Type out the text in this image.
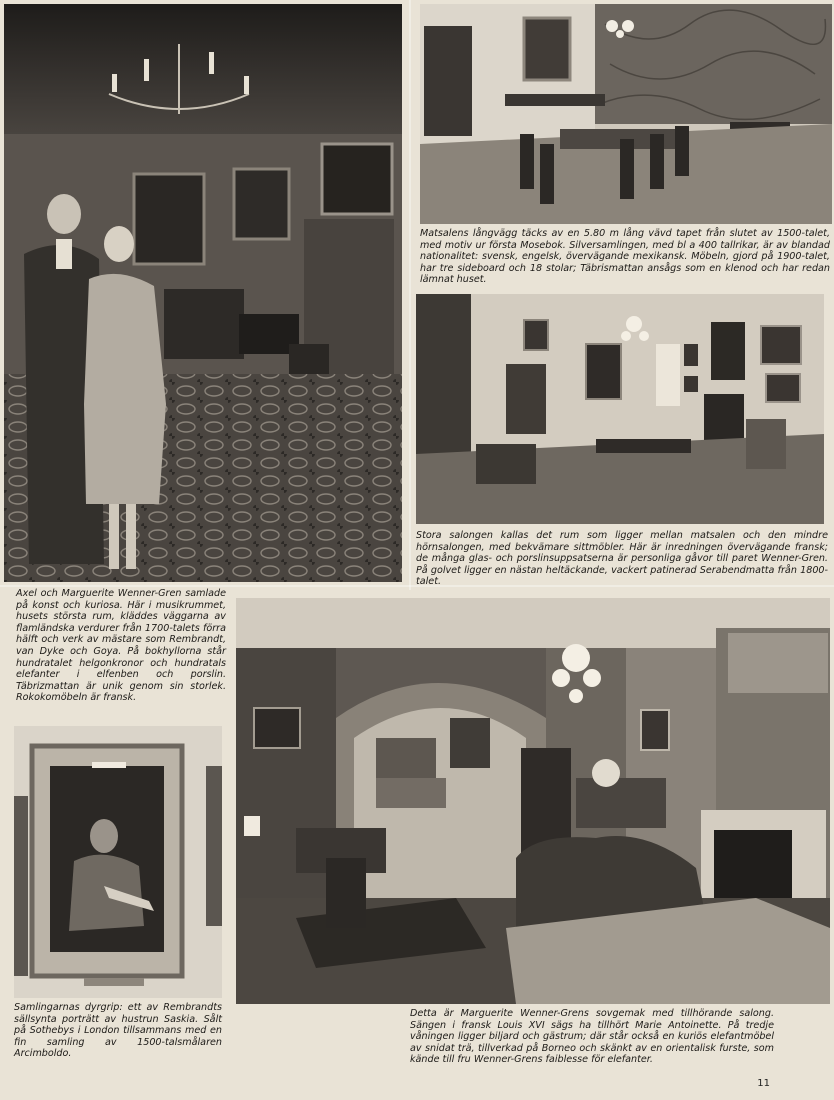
Matsalens långvägg täcks av en 5.80 m lång vävd tapet från slutet av 1500-talet, med motiv ur första Mosebok. Silversamlingen, med bl a 400 tallrikar, är av blandad nationalitet: svensk, engelsk, övervägande mexikansk. Möbeln, gjord på 1900-talet, har tre sideboard och 18 stolar; Täbrismattan ansågs som en klenod och har redan lämnat huset.
Stora salongen kallas det rum som ligger mellan matsalen och den mindre hörnsalongen, med bekvämare sittmöbler. Här är inredningen övervägande fransk; de många glas- och porslinsuppsatserna är personliga gåvor till paret Wenner-Gren. På golvet ligger en nästan heltäckande, vackert patinerad Serabendmatta från 1800-talet.
Axel och Marguerite Wenner-Gren samlade på konst och kuriosa. Här i musikrummet, husets största rum, kläddes väggarna av flamländska verdurer från 1700-talets förra hälft och verk av mästare som Rembrandt, van Dyke och Goya. På bokhyllorna står hundratalet helgonkronor och hundratals elefanter i elfenben och porslin. Täbrizmattan är unik genom sin storlek. Rokokomöbeln är fransk.
Samlingarnas dyrgrip: ett av Rembrandts sällsynta porträtt av hustrun Saskia. Sålt på Sothebys i London tillsammans med en fin samling av 1500-talsmålaren Arcimboldo.
Detta är Marguerite Wenner-Grens sovgemak med tillhörande salong. Sängen i fransk Louis XVI sägs ha tillhört Marie Antoinette. På tredje våningen ligger biljard och gästrum; där står också en kuriös elefantmöbel av snidat trä, tillverkad på Borneo och skänkt av en orientalisk furste, som kände till fru Wenner-Grens faiblesse för elefanter.
11
